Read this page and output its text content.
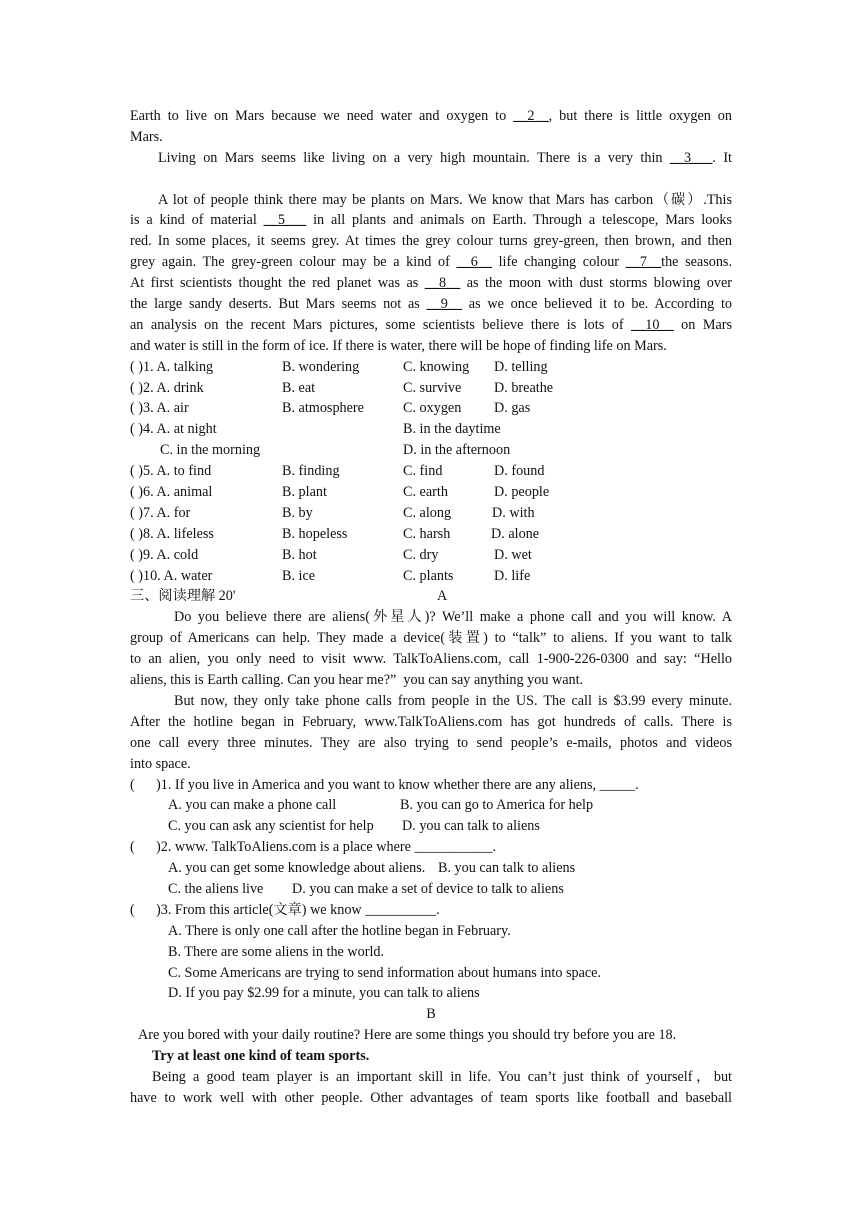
Earth to live on Mars because we need water and oxygen to __2__, but there is little oxygen on
Mars.
Living on Mars seems like living on a very high mountain. There is a very thin __3___. It

A lot of people think there may be plants on Mars. We know that Mars has carbon（碳）.This
is a kind of material __5___ in all plants and animals on Earth. Through a telescope, Mars looks
red. In some places, it seems grey. At times the grey colour turns grey-green, then brown, and then
grey again. The grey-green colour may be a kind of __6__ life changing colour __7__the seasons.
At first scientists thought the red planet was as __8__ as the moon with dust storms blowing over
the large sandy deserts. But Mars seems not as __9__ as we once believed it to be. According to
an analysis on the recent Mars pictures, some scientists believe there is lots of __10__ on Mars
and water is still in the form of ice. If there is water, there will be hope of finding life on Mars.
( )1. A. talking	B. wondering	C. knowing D. telling
( )2. A. drink	B. eat	C. survive D. breathe
( )3. A. air	B. atmosphere	C. oxygen D. gas
( )4. A. at night	B. in the daytime
C. in the morning	D. in the afternoon
( )5. A. to find	B. finding	C. find	D. found
( )6. A. animal	B. plant	C. earth	D. people
( )7. A. for	B. by	C. along	D. with
( )8. A. lifeless	B. hopeless	C. harsh	D. alone
( )9. A. cold	B. hot	C. dry	D. wet
( )10. A. water	B. ice	C. plants	D. life
三、阅读理解 20'	A
Do you believe there are aliens(外星人)? We’ll make a phone call and you will know. A
group of Americans can help. They made a device(装置) to “talk” to aliens. If you want to talk
to an alien, you only need to visit www. TalkToAliens.com, call 1-900-226-0300 and say: “Hello
aliens, this is Earth calling. Can you hear me?”  you can say anything you want.
But now, they only take phone calls from people in the US. The call is $3.99 every minute.
After the hotline began in February, www.TalkToAliens.com has got hundreds of calls. There is
one call every three minutes. They are also trying to send people’s e-mails, photos and videos
into space.
(      )1. If you live in America and you want to know whether there are any aliens, _____.
A. you can make a phone call	B. you can go to America for help
C. you can ask any scientist for help D. you can talk to aliens
(      )2. www. TalkToAliens.com is a place where ___________.
A. you can get some knowledge about aliens. B. you can talk to aliens
C. the aliens live D. you can make a set of device to talk to aliens
(      )3. From this article(文章) we know __________.
A. There is only one call after the hotline began in February.
B. There are some aliens in the world.
C. Some Americans are trying to send information about humans into space.
D. If you pay $2.99 for a minute, you can talk to aliens
B
Are you bored with your daily routine? Here are some things you should try before you are 18.
Try at least one kind of team sports.
Being a good team player is an important skill in life. You can’t just think of yourself，but
have to work well with other people. Other advantages of team sports like football and baseball
